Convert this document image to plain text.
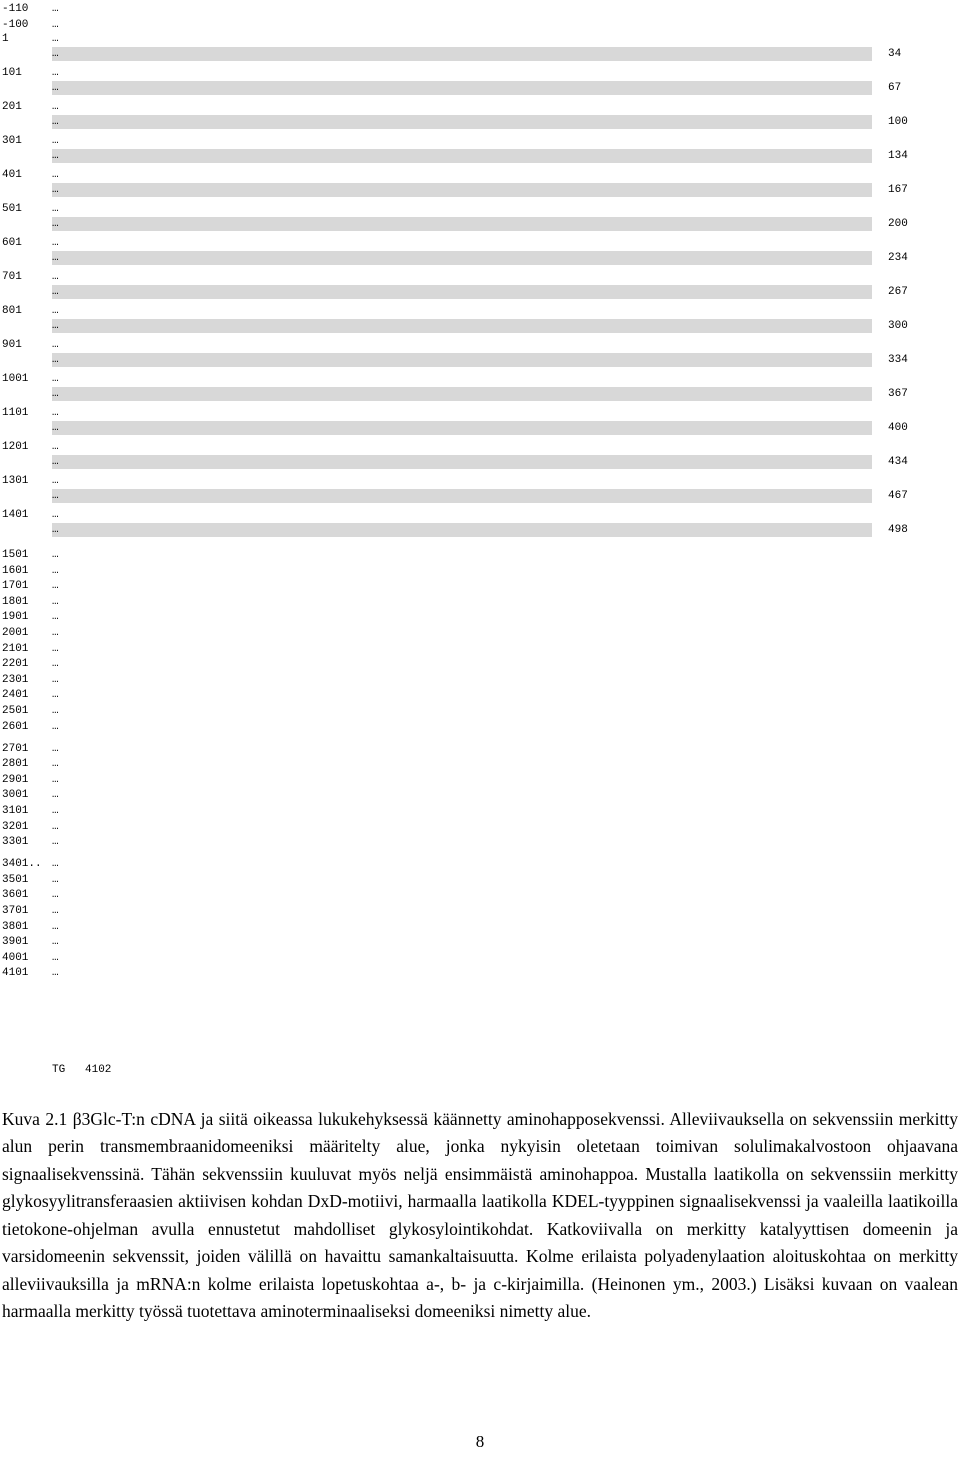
-110	…
-100	…
1	…
…	34
101	…
…	67
201	…
…	100
301	…
…	134
401	…
…	167
501	…
…	200
601	…
…	234
701	…
…	267
801	…
…	300
901	…
…	334
1001	…
…	367
1101	…
…	400
1201	…
…	434
1301	…
…	467
1401	…
…	498
1501	…
1601	…
1701	…
1801	…
1901	…
2001	…
2101	…
2201	…
2301	…
2401	…
2501	…
2601	…
2701	…
2801	…
2901	…
3001	…
3101	…
3201	…
3301	…
3401.. …
3501	…
3601	…
3701	…
3801	…
3901	…
4001	…
4101	…
TG   4102

Kuva 2.1 β3Glc-T:n cDNA ja siitä oikeassa lukukehyksessä käännetty aminohapposekvenssi. Alleviivauksella on sekvenssiin merkitty alun perin transmembraanidomeeniksi määritelty alue, jonka nykyisin oletetaan toimivan solulimakalvostoon ohjaavana signaalisekvenssinä. Tähän sekvenssiin kuuluvat myös neljä ensimmäistä aminohappoa. Mustalla laatikolla on sekvenssiin merkitty glykosyylitransferaasien aktiivisen kohdan DxD-motiivi, harmaalla laatikolla KDEL-tyyppinen signaalisekvenssi ja vaaleilla laatikoilla tietokone-ohjelman avulla ennustetut mahdolliset glykosylointikohdat. Katkoviivalla on merkitty katalyyttisen domeenin ja varsidomeenin sekvenssit, joiden välillä on havaittu samankaltaisuutta. Kolme erilaista polyadenylaation aloituskohtaa on merkitty alleviivauksilla ja mRNA:n kolme erilaista lopetuskohtaa a-, b- ja c-kirjaimilla. (Heinonen ym., 2003.) Lisäksi kuvaan on vaalean harmaalla merkitty työssä tuotettava aminoterminaaliseksi domeeniksi nimetty alue.

8
